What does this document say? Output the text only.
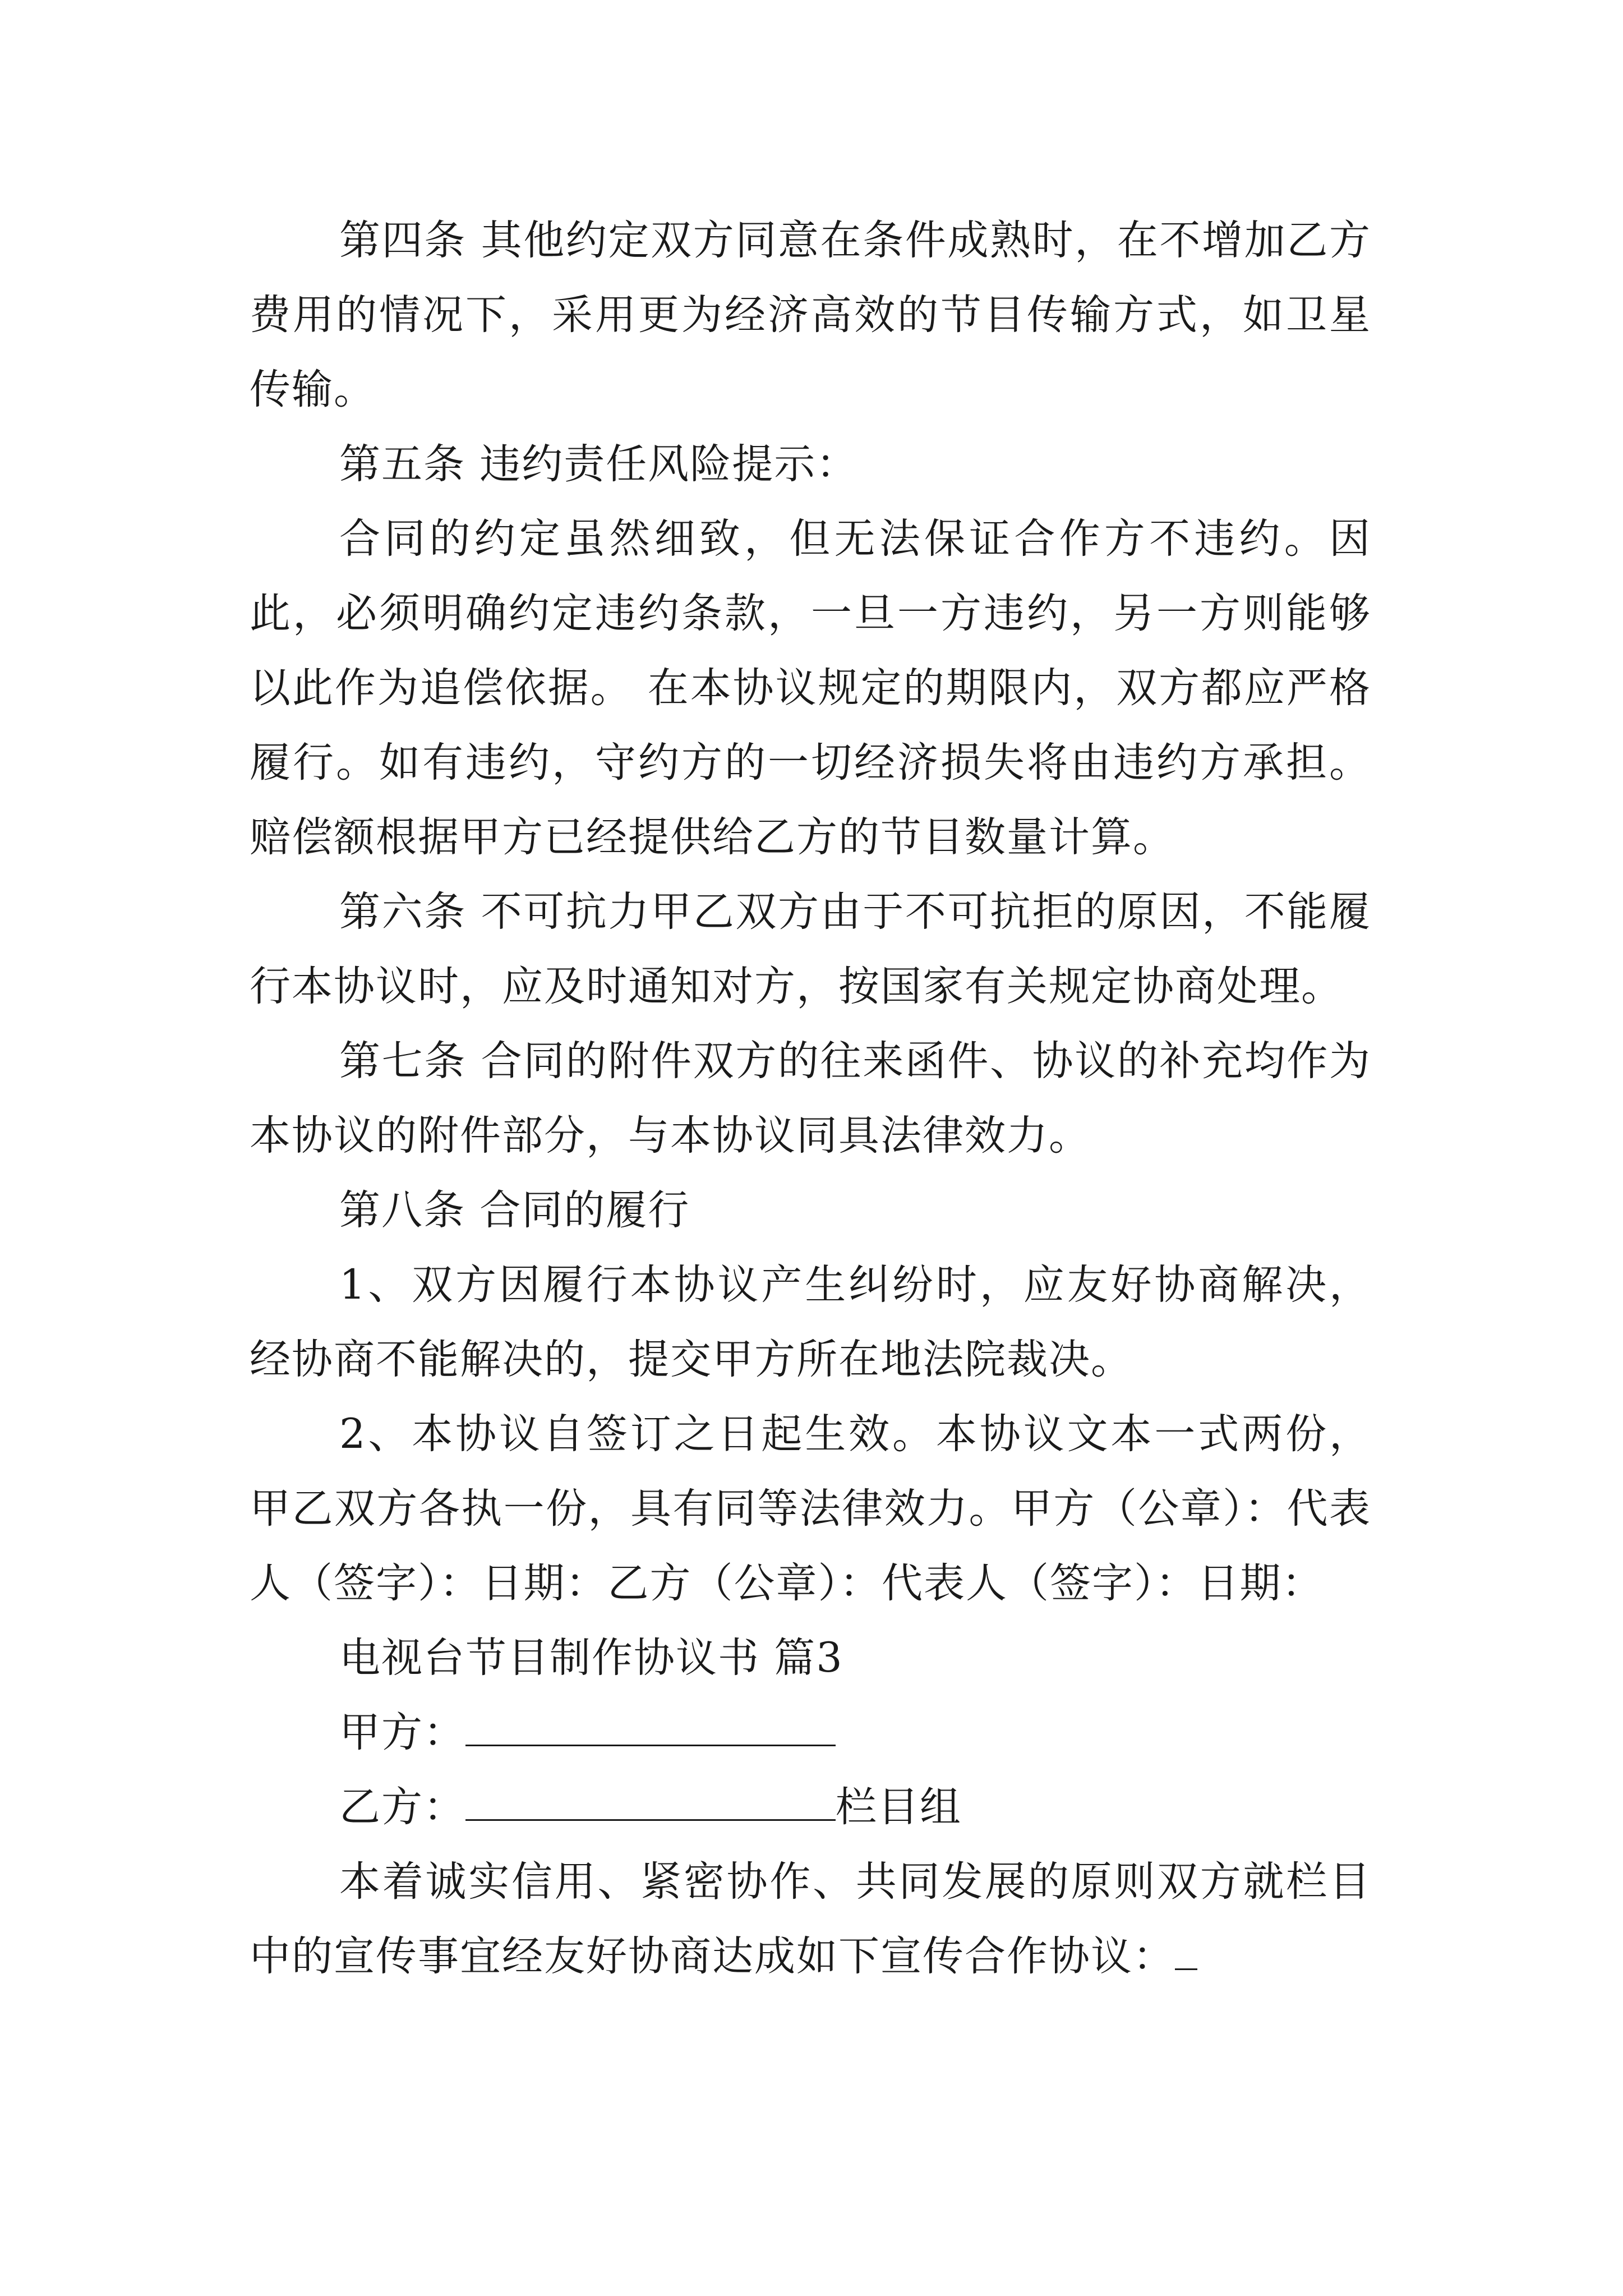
第四条 其他约定双方同意在条件成熟时，在不增加乙方费用的情况下，采用更为经济高效的节目传输方式，如卫星传输。

第五条 违约责任风险提示：

合同的约定虽然细致，但无法保证合作方不违约。因此，必须明确约定违约条款，一旦一方违约，另一方则能够以此作为追偿依据。 在本协议规定的期限内，双方都应严格履行。如有违约，守约方的一切经济损失将由违约方承担。赔偿额根据甲方已经提供给乙方的节目数量计算。

第六条 不可抗力甲乙双方由于不可抗拒的原因，不能履行本协议时，应及时通知对方，按国家有关规定协商处理。

第七条 合同的附件双方的往来函件、协议的补充均作为本协议的附件部分，与本协议同具法律效力。

第八条 合同的履行

1、双方因履行本协议产生纠纷时，应友好协商解决，经协商不能解决的，提交甲方所在地法院裁决。

2、本协议自签订之日起生效。本协议文本一式两份，甲乙双方各执一份，具有同等法律效力。甲方（公章）：代表人（签字）：日期：乙方（公章）：代表人（签字）：日期：

电视台节目制作协议书 篇3

甲方：

乙方：	栏目组

本着诚实信用、紧密协作、共同发展的原则双方就栏目中的宣传事宜经友好协商达成如下宣传合作协议：
